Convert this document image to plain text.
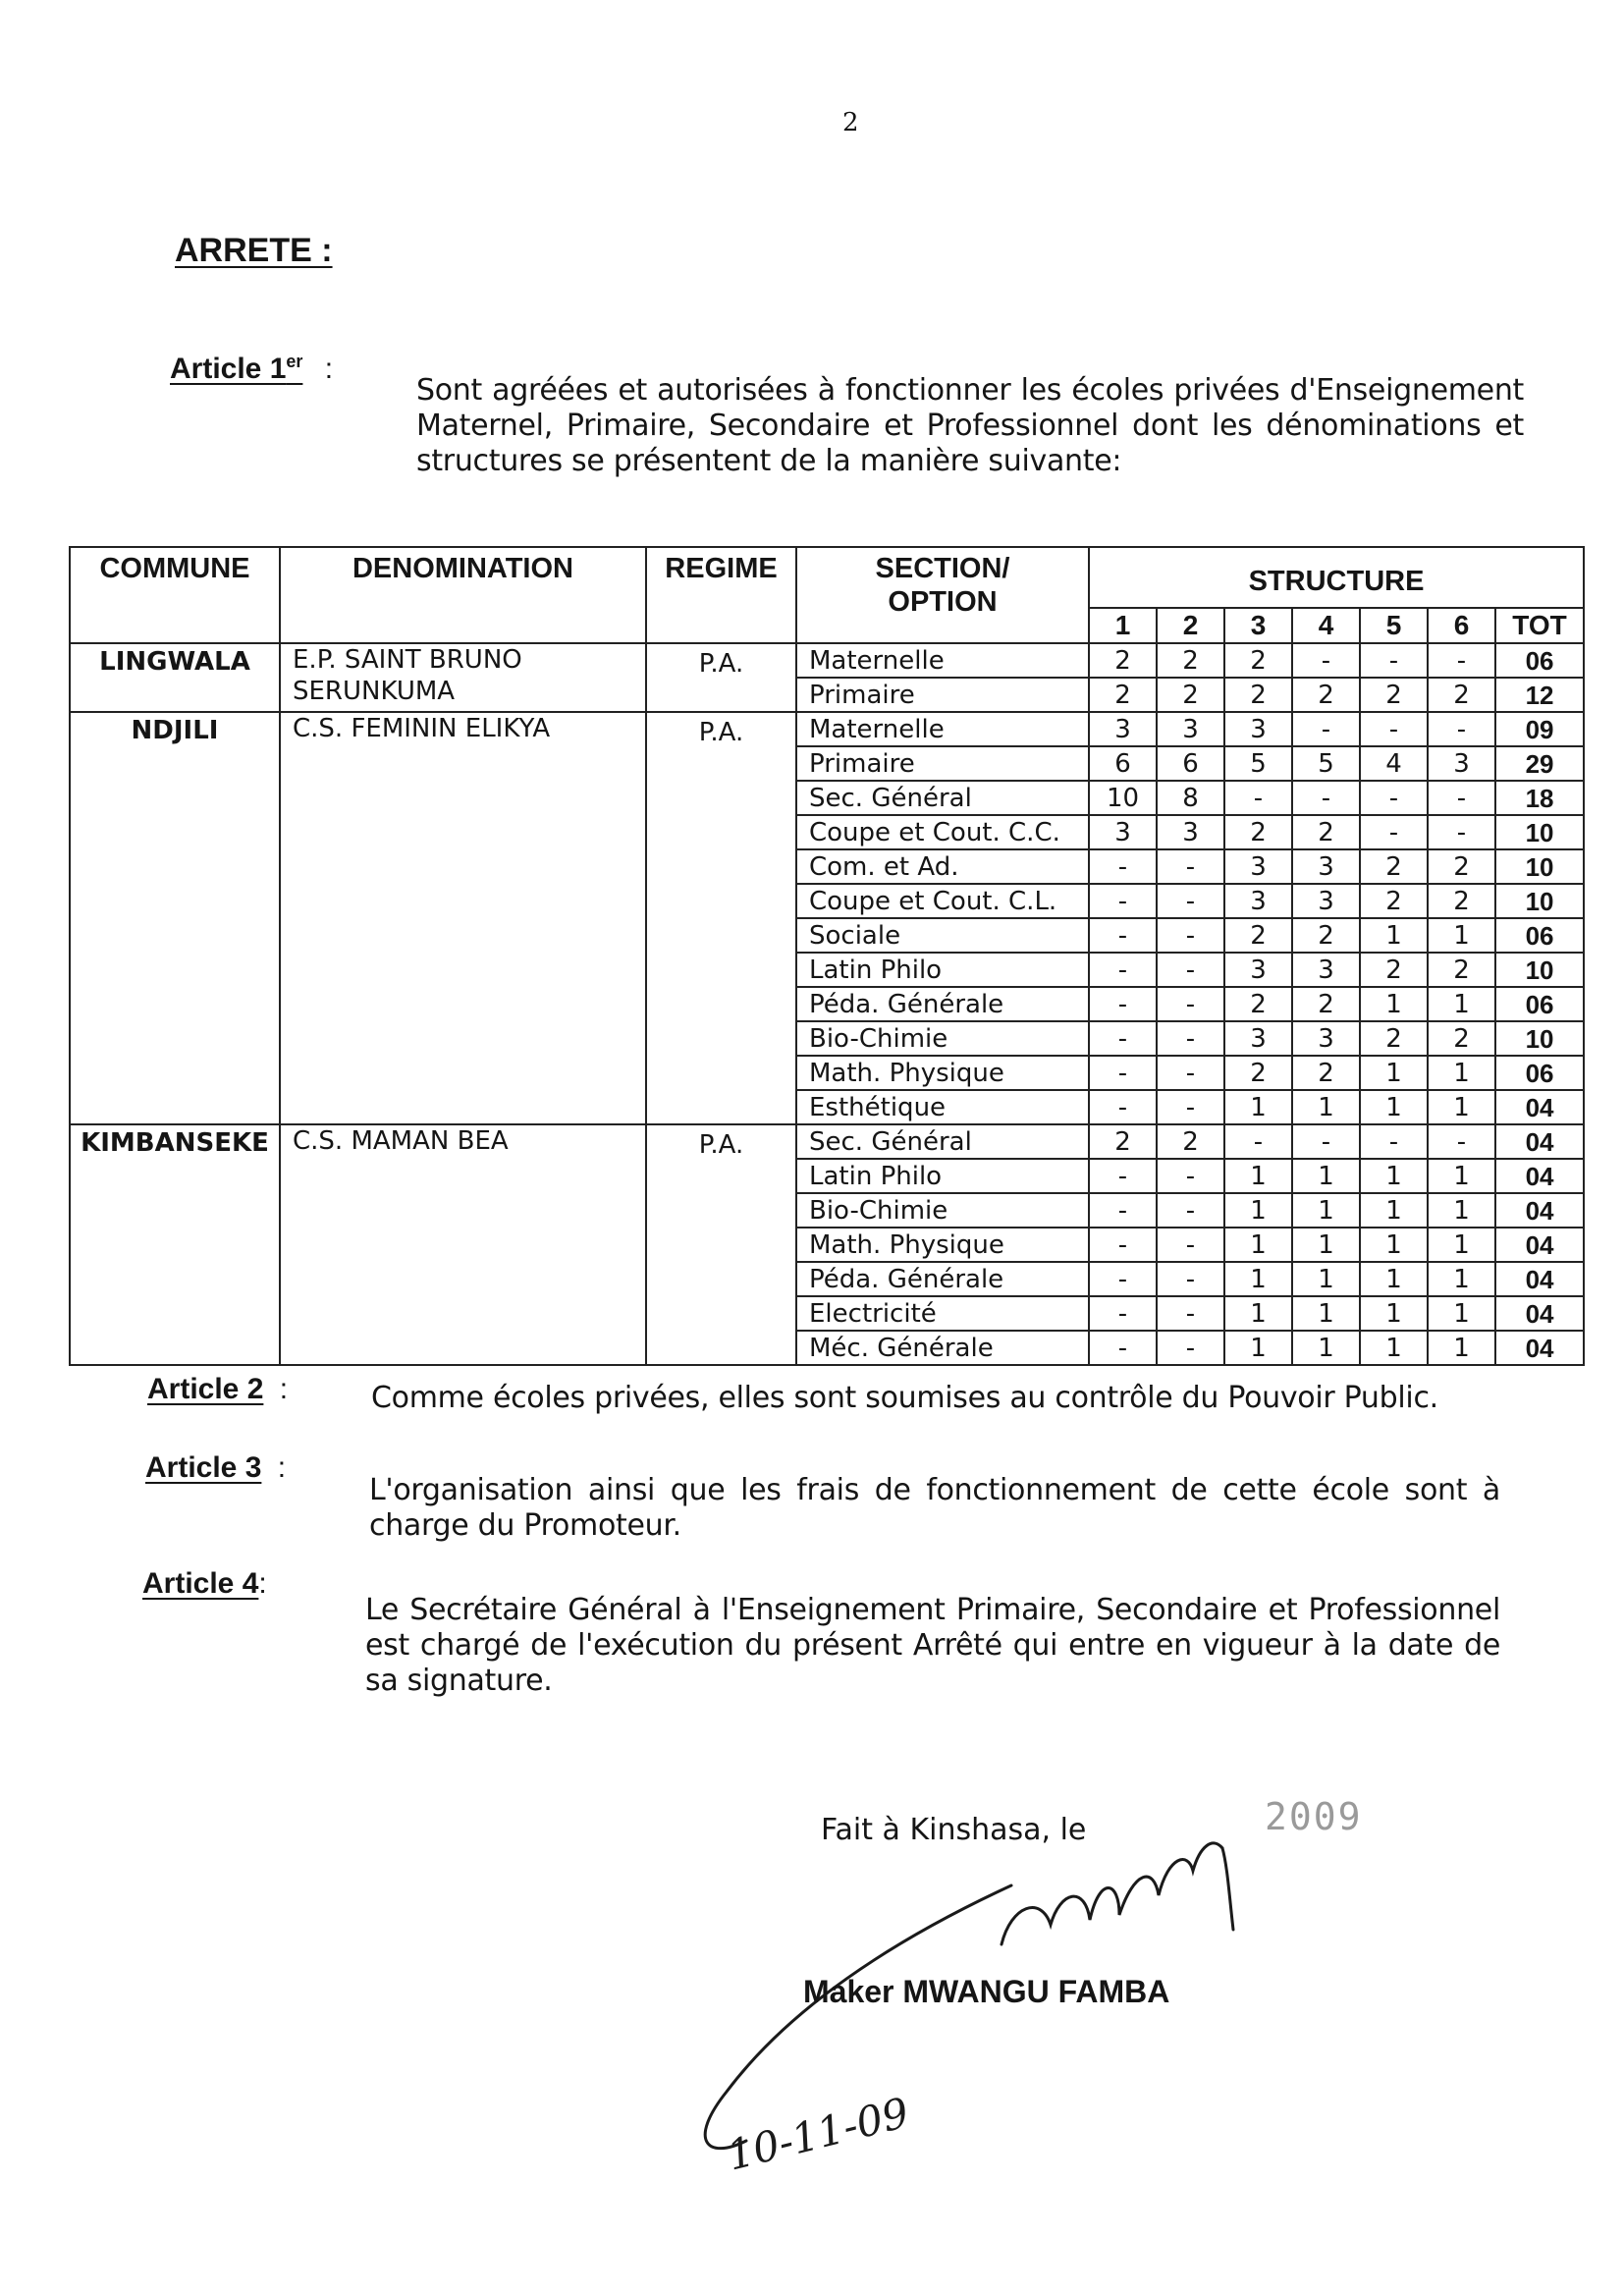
2
ARRETE :
Article 1er :
Sont agréées et autorisées à fonctionner les écoles privées d'Enseignement Maternel, Primaire, Secondaire et Professionnel dont les dénominations et structures se présentent de la manière suivante:
COMMUNE	DENOMINATION	REGIME	SECTION/ OPTION	STRUCTURE						
				1	2	3	4	5	6	TOT
LINGWALA	E.P. SAINT BRUNO SERUNKUMA	P.A.	Maternelle	2	2	2	-	-	-	06
			Primaire	2	2	2	2	2	2	12
NDJILI	C.S. FEMININ ELIKYA	P.A.	Maternelle	3	3	3	-	-	-	09
			Primaire	6	6	5	5	4	3	29
			Sec. Général	10	8	-	-	-	-	18
			Coupe et Cout. C.C.	3	3	2	2	-	-	10
			Com. et Ad.	-	-	3	3	2	2	10
			Coupe et Cout. C.L.	-	-	3	3	2	2	10
			Sociale	-	-	2	2	1	1	06
			Latin Philo	-	-	3	3	2	2	10
			Péda. Générale	-	-	2	2	1	1	06
			Bio-Chimie	-	-	3	3	2	2	10
			Math. Physique	-	-	2	2	1	1	06
			Esthétique	-	-	1	1	1	1	04
KIMBANSEKE	C.S. MAMAN BEA	P.A.	Sec. Général	2	2	-	-	-	-	04
			Latin Philo	-	-	1	1	1	1	04
			Bio-Chimie	-	-	1	1	1	1	04
			Math. Physique	-	-	1	1	1	1	04
			Péda. Générale	-	-	1	1	1	1	04
			Electricité	-	-	1	1	1	1	04
			Méc. Générale	-	-	1	1	1	1	04
Article 2 :	Comme écoles privées, elles sont soumises au contrôle du Pouvoir Public.
Article 3 :
L'organisation ainsi que les frais de fonctionnement de cette école sont à charge du Promoteur.
Article 4:
Le Secrétaire Général à l'Enseignement Primaire, Secondaire et Professionnel est chargé de l'exécution du présent Arrêté qui entre en vigueur à la date de sa signature.
Fait à Kinshasa, le	2009
10-11-09
Maker MWANGU FAMBA
